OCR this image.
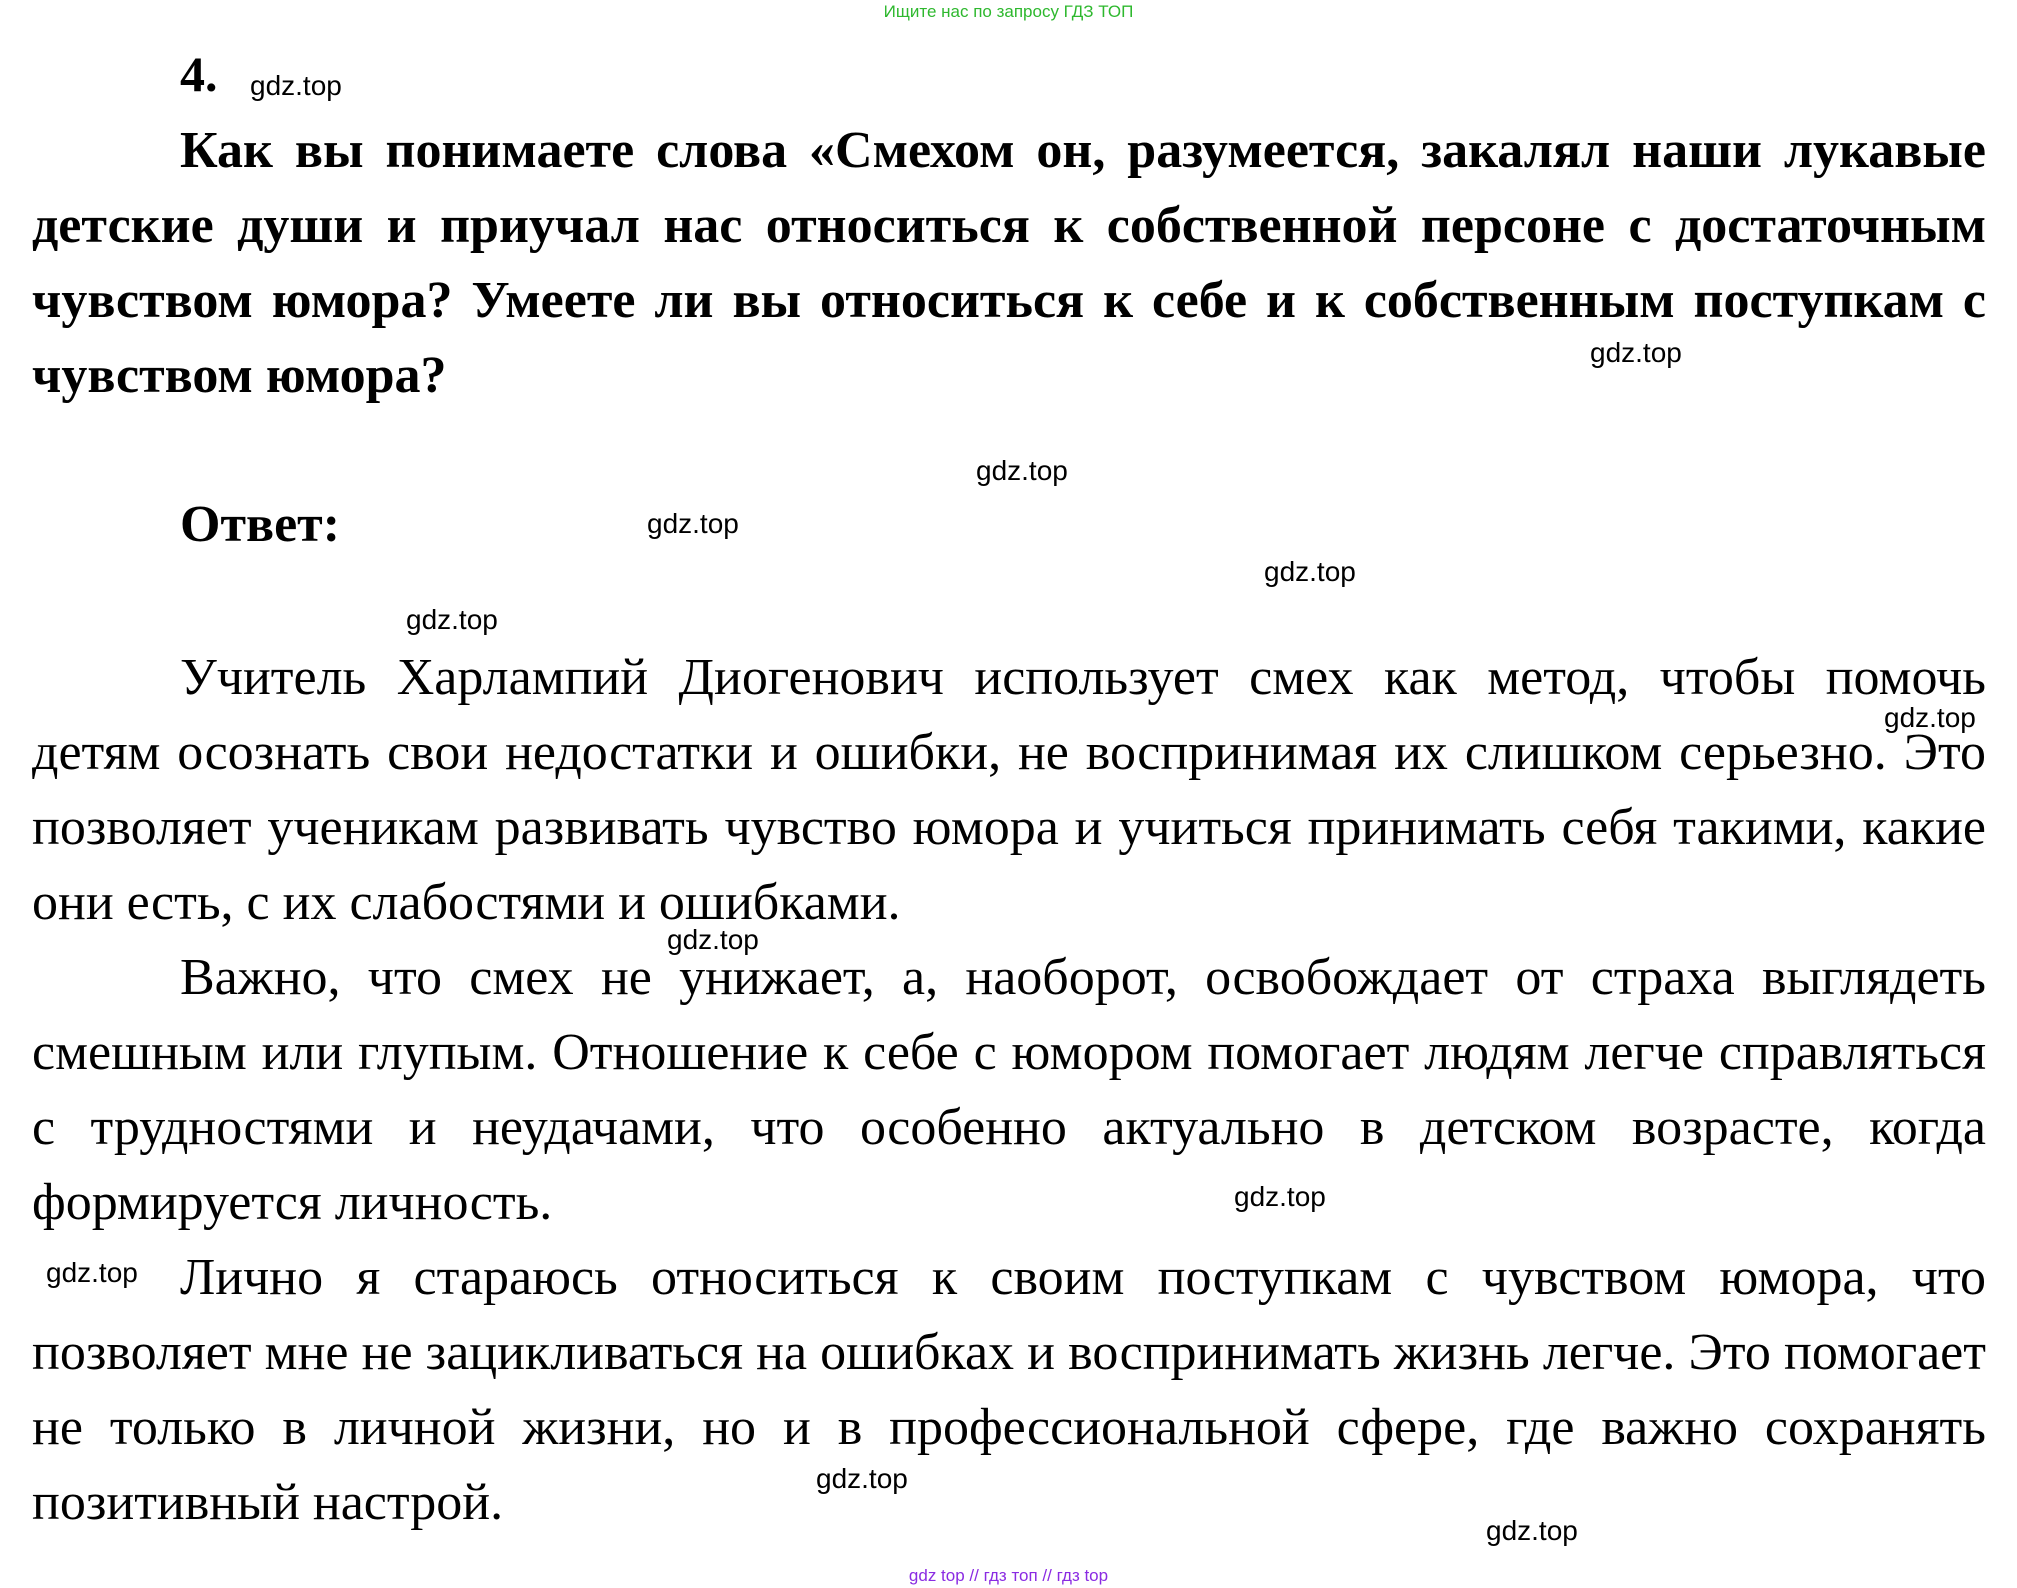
Ищите нас по запросу ГДЗ ТОП
4. gdz.top
Как вы понимаете слова «Смехом он, разумеется, закалял наши лукавые детские души и приучал нас относиться к собственной персоне с достаточным чувством юмора? Умеете ли вы относиться к себе и к собственным поступкам с чувством юмора?	gdz.top
gdz.top
Ответ:	gdz.top
gdz.top
gdz.top
Учитель Харлампий Диогенович использует смех как метод, чтобы помочь детям осознать свои недостатки и ошибки, не воспринимая их слишком серьезно. Это позволяет ученикам развивать чувство юмора и учиться принимать себя такими, какие они есть, с их слабостями и ошибками.
gdz.top
gdz.top
Важно, что смех не унижает, а, наоборот, освобождает от страха выглядеть смешным или глупым. Отношение к себе с юмором помогает людям легче справляться с трудностями и неудачами, что особенно актуально в детском возрасте, когда формируется личность.	gdz.top
gdz.top Лично я стараюсь относиться к своим поступкам с чувством юмора, что позволяет мне не зацикливаться на ошибках и воспринимать жизнь легче. Это помогает не только в личной жизни, но и в профессиональной сфере, где важно сохранять позитивный настрой.	gdz.top
gdz.top
gdz top // гдз топ // гдз top
